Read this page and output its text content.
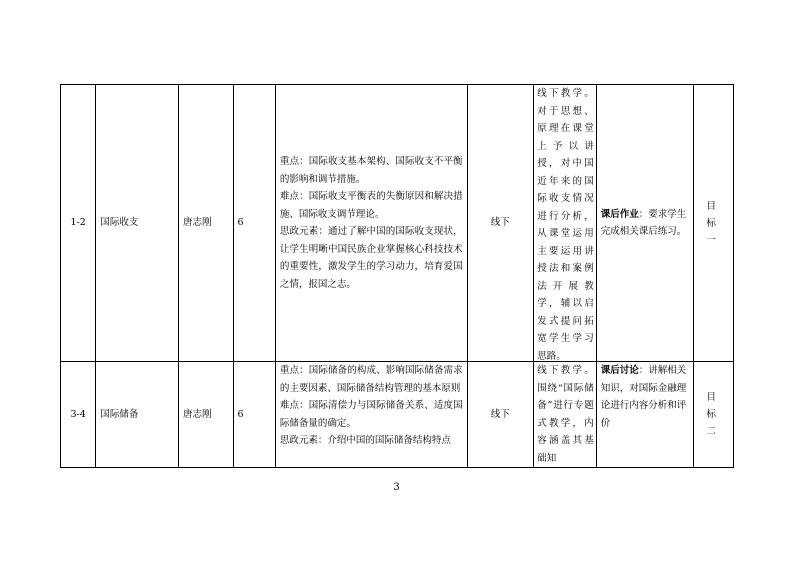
1-2	国际收支	唐志刚	6	重点：国际收支基本架构、国际收支不平衡的影响和调节措施。
难点：国际收支平衡表的失衡原因和解决措施、国际收支调节理论。
思政元素：通过了解中国的国际收支现状，让学生明晰中国民族企业掌握核心科技技术的重要性，激发学生的学习动力，培育爱国之情，报国之志。	线下	线下教学。对于思想、原理在课堂上予以讲授，对中国近年来的国际收支情况进行分析，从课堂运用主要运用讲授法和案例法开展教学，辅以启发式提问拓宽学生学习思路。	课后作业：要求学生完成相关课后练习。	目 标 一

3-4	国际储备	唐志刚	6	重点：国际储备的构成、影响国际储备需求的主要因素、国际储备结构管理的基本原则
难点：国际清偿力与国际储备关系、适度国际储备量的确定。
思政元素：介绍中国的国际储备结构特点	线下	线下教学。围绕“国际储备”进行专题式教学，内容涵盖其基础知	课后讨论：讲解相关知识，对国际金融理论进行内容分析和评价	目 标 二
3
